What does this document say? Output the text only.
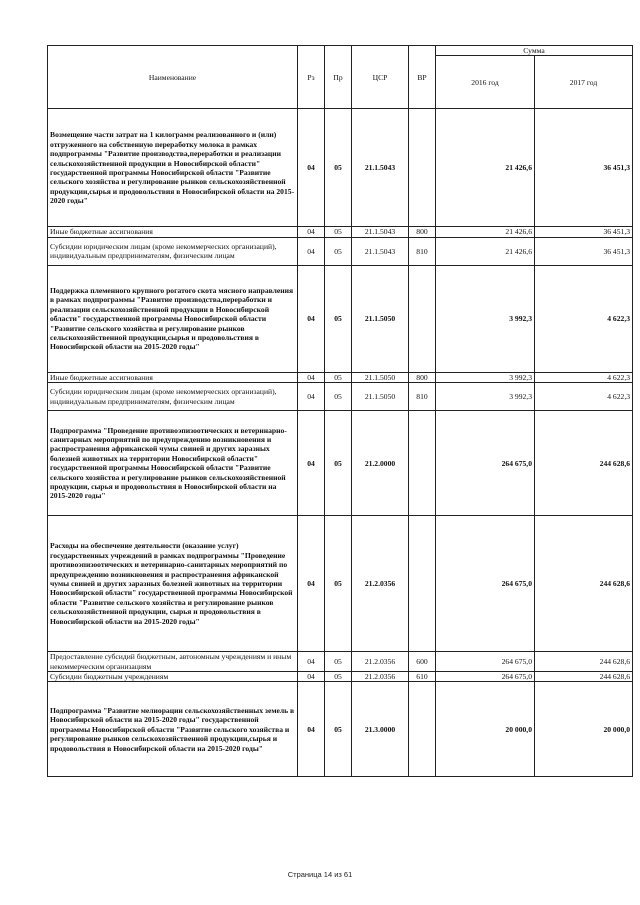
Наименование	Рз	Пр	ЦСР	ВР	Сумма	
					2016 год	2017 год
Возмещение части затрат на 1 килограмм реализованного и (или) отгруженного на собственную переработку молока в рамках подпрограммы "Развитие производства,переработки и реализации сельскохозяйственной продукции в Новосибирской области" государственной программы Новосибирской области "Развитие сельского хозяйства и регулирование рынков сельскохозяйственной продукции,сырья и продовольствия в Новосибирской области на 2015-2020 годы"	04	05	21.1.5043		21 426,6	36 451,3
Иные бюджетные ассигнования	04	05	21.1.5043	800	21 426,6	36 451,3
Субсидии юридическим лицам (кроме некоммерческих организаций), индивидуальным предпринимателям, физическим лицам	04	05	21.1.5043	810	21 426,6	36 451,3
Поддержка племенного крупного рогатого скота мясного направления в рамках подпрограммы "Развитие производства,переработки и реализации сельскохозяйственной продукции в Новосибирской области" государственной программы Новосибирской области "Развитие сельского хозяйства и регулирование рынков сельскохозяйственной продукции,сырья и продовольствия в Новосибирской области на 2015-2020 годы"	04	05	21.1.5050		3 992,3	4 622,3
Иные бюджетные ассигнования	04	05	21.1.5050	800	3 992,3	4 622,3
Субсидии юридическим лицам (кроме некоммерческих организаций), индивидуальным предпринимателям, физическим лицам	04	05	21.1.5050	810	3 992,3	4 622,3
Подпрограмма "Проведение противоэпизоотических и ветеринарно-санитарных мероприятий по предупреждению возникновения и распространения африканской чумы свиней и других заразных болезней животных на территории Новосибирской области" государственной программы Новосибирской области "Развитие сельского хозяйства и регулирование рынков сельскохозяйственной продукции, сырья и продовольствия в Новосибирской области на 2015-2020 годы"	04	05	21.2.0000		264 675,0	244 628,6
Расходы на обеспечение деятельности (оказание услуг) государственных учреждений в рамках подпрограммы "Проведение противоэпизоотических и ветеринарно-санитарных мероприятий по предупреждению возникновения и распространения африканской чумы свиней и других заразных болезней животных на территории Новосибирской области" государственной программы Новосибирской области "Развитие сельского хозяйства и регулирование рынков сельскохозяйственной продукции, сырья и продовольствия в Новосибирской области на 2015-2020 годы"	04	05	21.2.0356		264 675,0	244 628,6
Предоставление субсидий бюджетным, автономным учреждениям и иным некоммерческим организациям	04	05	21.2.0356	600	264 675,0	244 628,6
Субсидии бюджетным учреждениям	04	05	21.2.0356	610	264 675,0	244 628,6
Подпрограмма "Развитие мелиорации сельскохозяйственных земель в Новосибирской области на 2015-2020 годы" государственной программы Новосибирской области "Развитие сельского хозяйства и регулирование рынков сельскохозяйственной продукции,сырья и продовольствия в Новосибирской области на 2015-2020 годы"	04	05	21.3.0000		20 000,0	20 000,0
Страница 14 из 61
